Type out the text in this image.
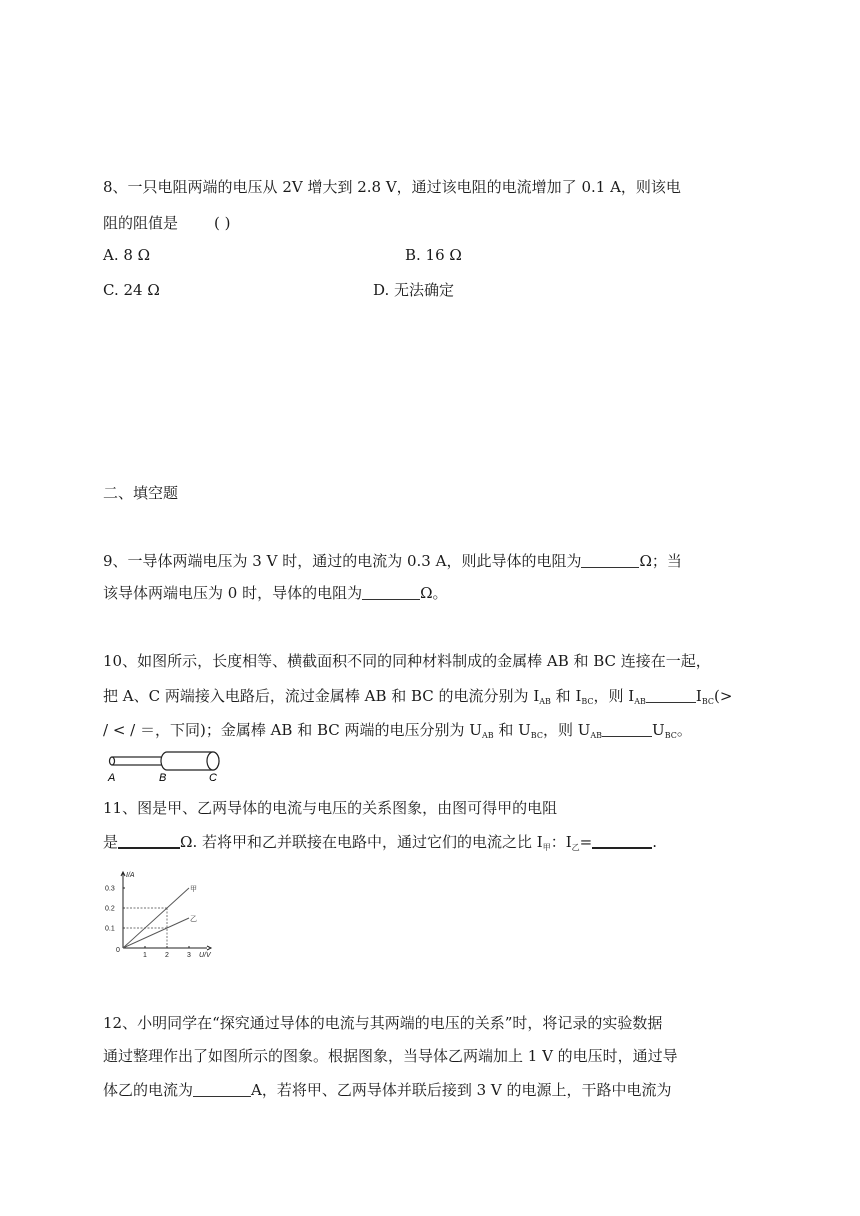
8、一只电阻两端的电压从 2V 增大到 2.8 V，通过该电阻的电流增加了 0.1 A，则该电
阻的阻值是 ( )
A. 8 Ω	B. 16 Ω
C. 24 Ω	D. 无法确定
二、填空题
9、一导体两端电压为 3 V 时，通过的电流为 0.3 A，则此导体的电阻为	Ω；当
该导体两端电压为 0 时，导体的电阻为	Ω。
10、如图所示，长度相等、横截面积不同的同种材料制成的金属棒 AB 和 BC 连接在一起，
把 A、C 两端接入电路后，流过金属棒 AB 和 BC 的电流分别为 $I_{AB}$ 和 $I_{BC}$，则 $I_{AB}$	$I_{BC}(>$
/ < / ＝，下同)；金属棒 AB 和 BC 两端的电压分别为 $U_{AB}$ 和 $U_{BC}$，则 $U_{AB}$	$U_{BC}$。
A	B	C
11、图是甲、乙两导体的电流与电压的关系图象，由图可得甲的电阻
是	Ω. 若将甲和乙并联接在电路中，通过它们的电流之比 $I_甲$：$I_乙=$	.
1	2	3
0.1
0.2
0.3
0
U/V
I/A
甲
乙
12、小明同学在“探究通过导体的电流与其两端的电压的关系”时，将记录的实验数据
通过整理作出了如图所示的图象。根据图象，当导体乙两端加上 1 V 的电压时，通过导
体乙的电流为	A，若将甲、乙两导体并联后接到 3 V 的电源上，干路中电流为
